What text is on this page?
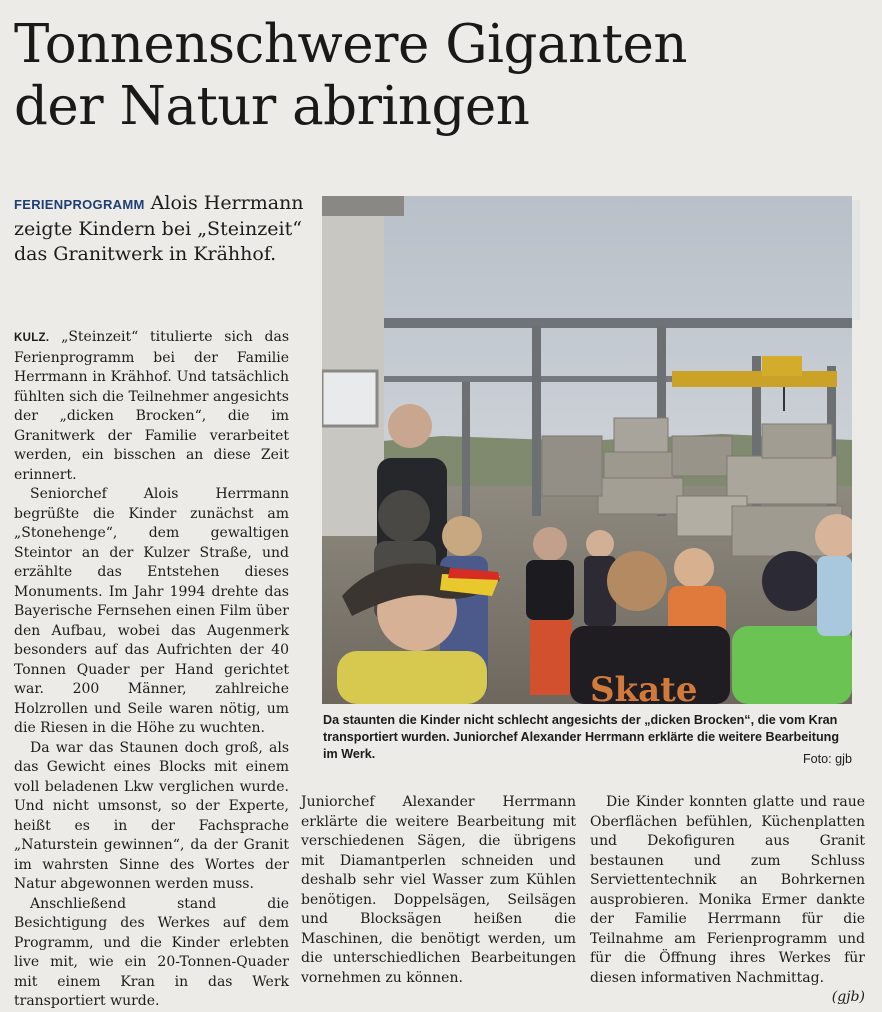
Tonnenschwere Giganten
der Natur abringen
FERIENPROGRAMM Alois Herrmann zeigte Kindern bei „Steinzeit“ das Granitwerk in Krähhof.

KULZ. „Steinzeit“ titulierte sich das Ferienprogramm bei der Familie Herrmann in Krähhof. Und tatsächlich fühlten sich die Teilnehmer angesichts der „dicken Brocken“, die im Granitwerk der Familie verarbeitet werden, ein bisschen an diese Zeit erinnert.

Seniorchef Alois Herrmann begrüßte die Kinder zunächst am „Stonehenge“, dem gewaltigen Steintor an der Kulzer Straße, und erzählte das Entstehen dieses Monuments. Im Jahr 1994 drehte das Bayerische Fernsehen einen Film über den Aufbau, wobei das Augenmerk besonders auf das Aufrichten der 40 Tonnen Quader per Hand gerichtet war. 200 Männer, zahlreiche Holzrollen und Seile waren nötig, um die Riesen in die Höhe zu wuchten.

Da war das Staunen doch groß, als das Gewicht eines Blocks mit einem voll beladenen Lkw verglichen wurde. Und nicht umsonst, so der Experte, heißt es in der Fachsprache „Naturstein gewinnen“, da der Granit im wahrsten Sinne des Wortes der Natur abgewonnen werden muss.

Anschließend stand die Besichtigung des Werkes auf dem Programm, und die Kinder erlebten live mit, wie ein 20-Tonnen-Quader mit einem Kran in das Werk transportiert wurde.

Juniorchef Alexander Herrmann erklärte die weitere Bearbeitung mit verschiedenen Sägen, die übrigens mit Diamantperlen schneiden und deshalb sehr viel Wasser zum Kühlen benötigen. Doppelsägen, Seilsägen und Blocksägen heißen die Maschinen, die benötigt werden, um die unterschiedlichen Bearbeitungen vornehmen zu können.

Die Kinder konnten glatte und raue Oberflächen befühlen, Küchenplatten und Dekofiguren aus Granit bestaunen und zum Schluss Serviettentechnik an Bohrkernen ausprobieren. Monika Ermer dankte der Familie Herrmann für die Teilnahme am Ferienprogramm und für die Öffnung ihres Werkes für diesen informativen Nachmittag.

(gjb)
Skate
Da staunten die Kinder nicht schlecht angesichts der „dicken Brocken“, die vom Kran transportiert wurden. Juniorchef Alexander Herrmann erklärte die weitere Bearbeitung im Werk.	Foto: gjb
